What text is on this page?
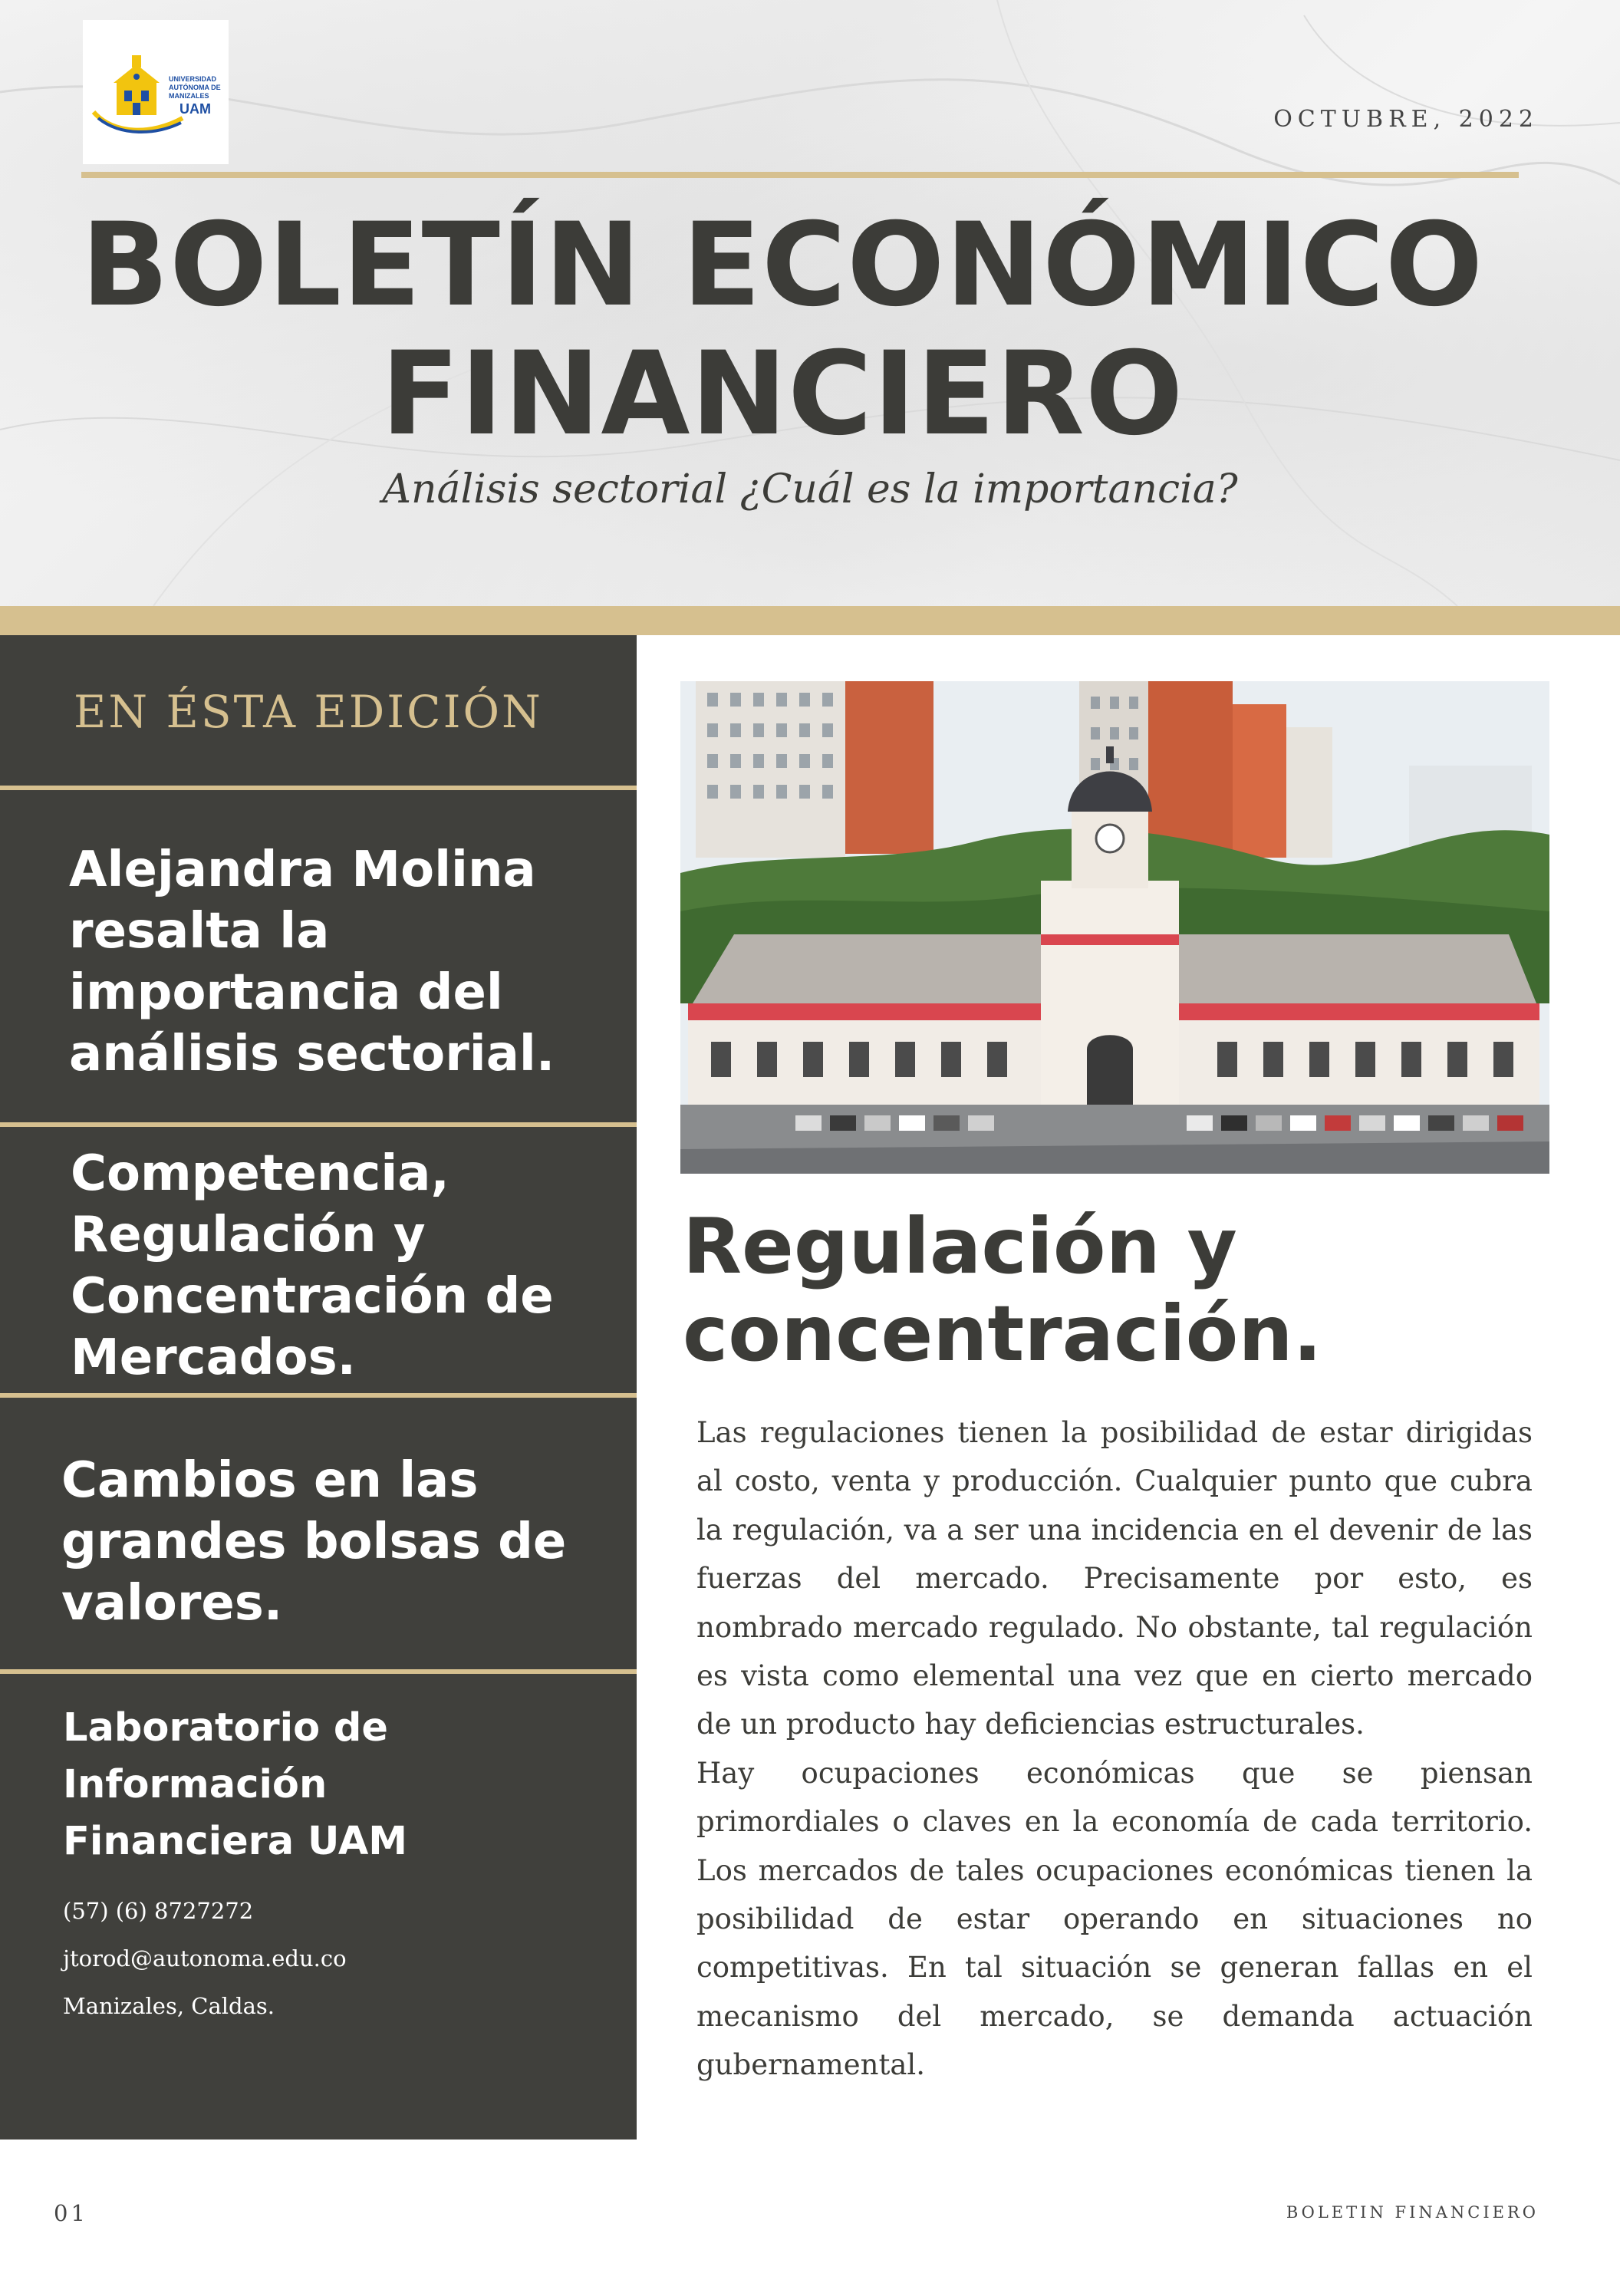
UNIVERSIDAD
AUTÓNOMA DE
MANIZALES
UAM	OCTUBRE, 2022
BOLETÍN ECONÓMICO
FINANCIERO
Análisis sectorial ¿Cuál es la importancia?
EN ÉSTA EDICIÓN
Alejandra Molina resalta la importancia del análisis sectorial.
Competencia, Regulación y Concentración de Mercados.
Cambios en las grandes bolsas de valores.
Laboratorio de
Información
Financiera UAM
(57) (6) 8727272
jtorod@autonoma.edu.co
Manizales, Caldas.
Regulación y
concentración.

Las regulaciones tienen la posibilidad de estar dirigidas al costo, venta y producción. Cualquier punto que cubra la regulación, va a ser una incidencia en el devenir de las fuerzas del mercado. Precisamente por esto, es nombrado mercado regulado. No obstante, tal regulación es vista como elemental una vez que en cierto mercado de un producto hay deficiencias estructurales.

Hay ocupaciones económicas que se piensan primordiales o claves en la economía de cada territorio. Los mercados de tales ocupaciones económicas tienen la posibilidad de estar operando en situaciones no competitivas. En tal situación se generan fallas en el mecanismo del mercado, se demanda actuación gubernamental.

01	BOLETIN FINANCIERO
